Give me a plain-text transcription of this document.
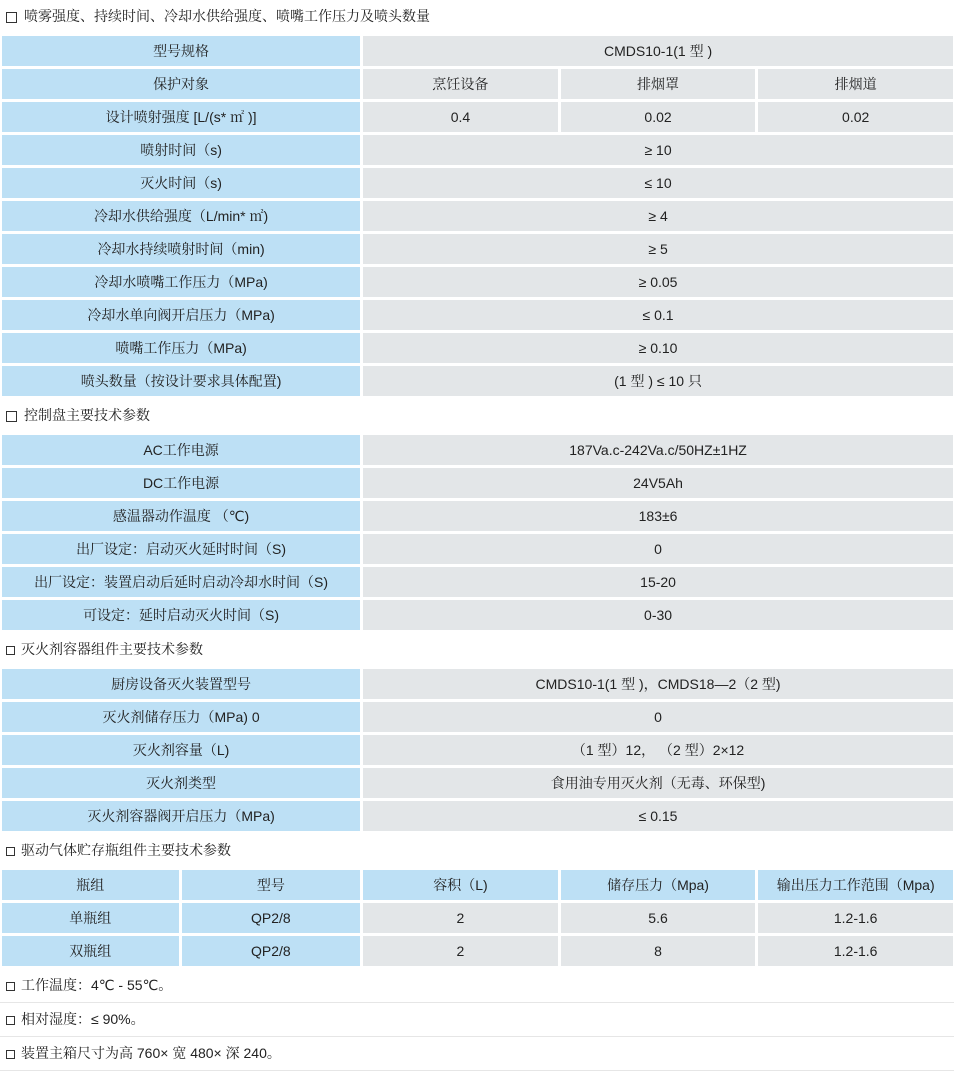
喷雾强度、持续时间、冷却水供给强度、喷嘴工作压力及喷头数量
型号规格	CMDS10-1(1 型 )		
保护对象	烹饪设备	排烟罩	排烟道
设计喷射强度 [L/(s* ㎡ )]	0.4	0.02	0.02
喷射时间（s)	≥ 10		
灭火时间（s)	≤ 10		
冷却水供给强度（L/min* ㎡)	≥ 4		
冷却水持续喷射时间（min)	≥ 5		
冷却水喷嘴工作压力（MPa)	≥ 0.05		
冷却水单向阀开启压力（MPa)	≤ 0.1		
喷嘴工作压力（MPa)	≥ 0.10		
喷头数量（按设计要求具体配置)	(1 型 ) ≤ 10 只		
控制盘主要技术参数
AC工作电源	187Va.c-242Va.c/50HZ±1HZ
DC工作电源	24V5Ah
感温器动作温度 （℃)	183±6
出厂设定：启动灭火延时时间（S)	0
出厂设定：装置启动后延时启动冷却水时间（S)	15-20
可设定：延时启动灭火时间（S)	0-30
灭火剂容器组件主要技术参数
厨房设备灭火装置型号	CMDS10-1(1 型 )，CMDS18—2（2 型)
灭火剂储存压力（MPa) 0	0
灭火剂容量（L)	（1 型）12， （2 型）2×12
灭火剂类型	食用油专用灭火剂（无毒、环保型)
灭火剂容器阀开启压力（MPa)	≤ 0.15
驱动气体贮存瓶组件主要技术参数
瓶组	型号	容积（L)	储存压力（Mpa)	输出压力工作范围（Mpa)
单瓶组	QP2/8	2	5.6	1.2-1.6
双瓶组	QP2/8	2	8	1.2-1.6
工作温度：4℃ - 55℃。
相对湿度：≤ 90%。
装置主箱尺寸为高 760× 宽 480× 深 240。
